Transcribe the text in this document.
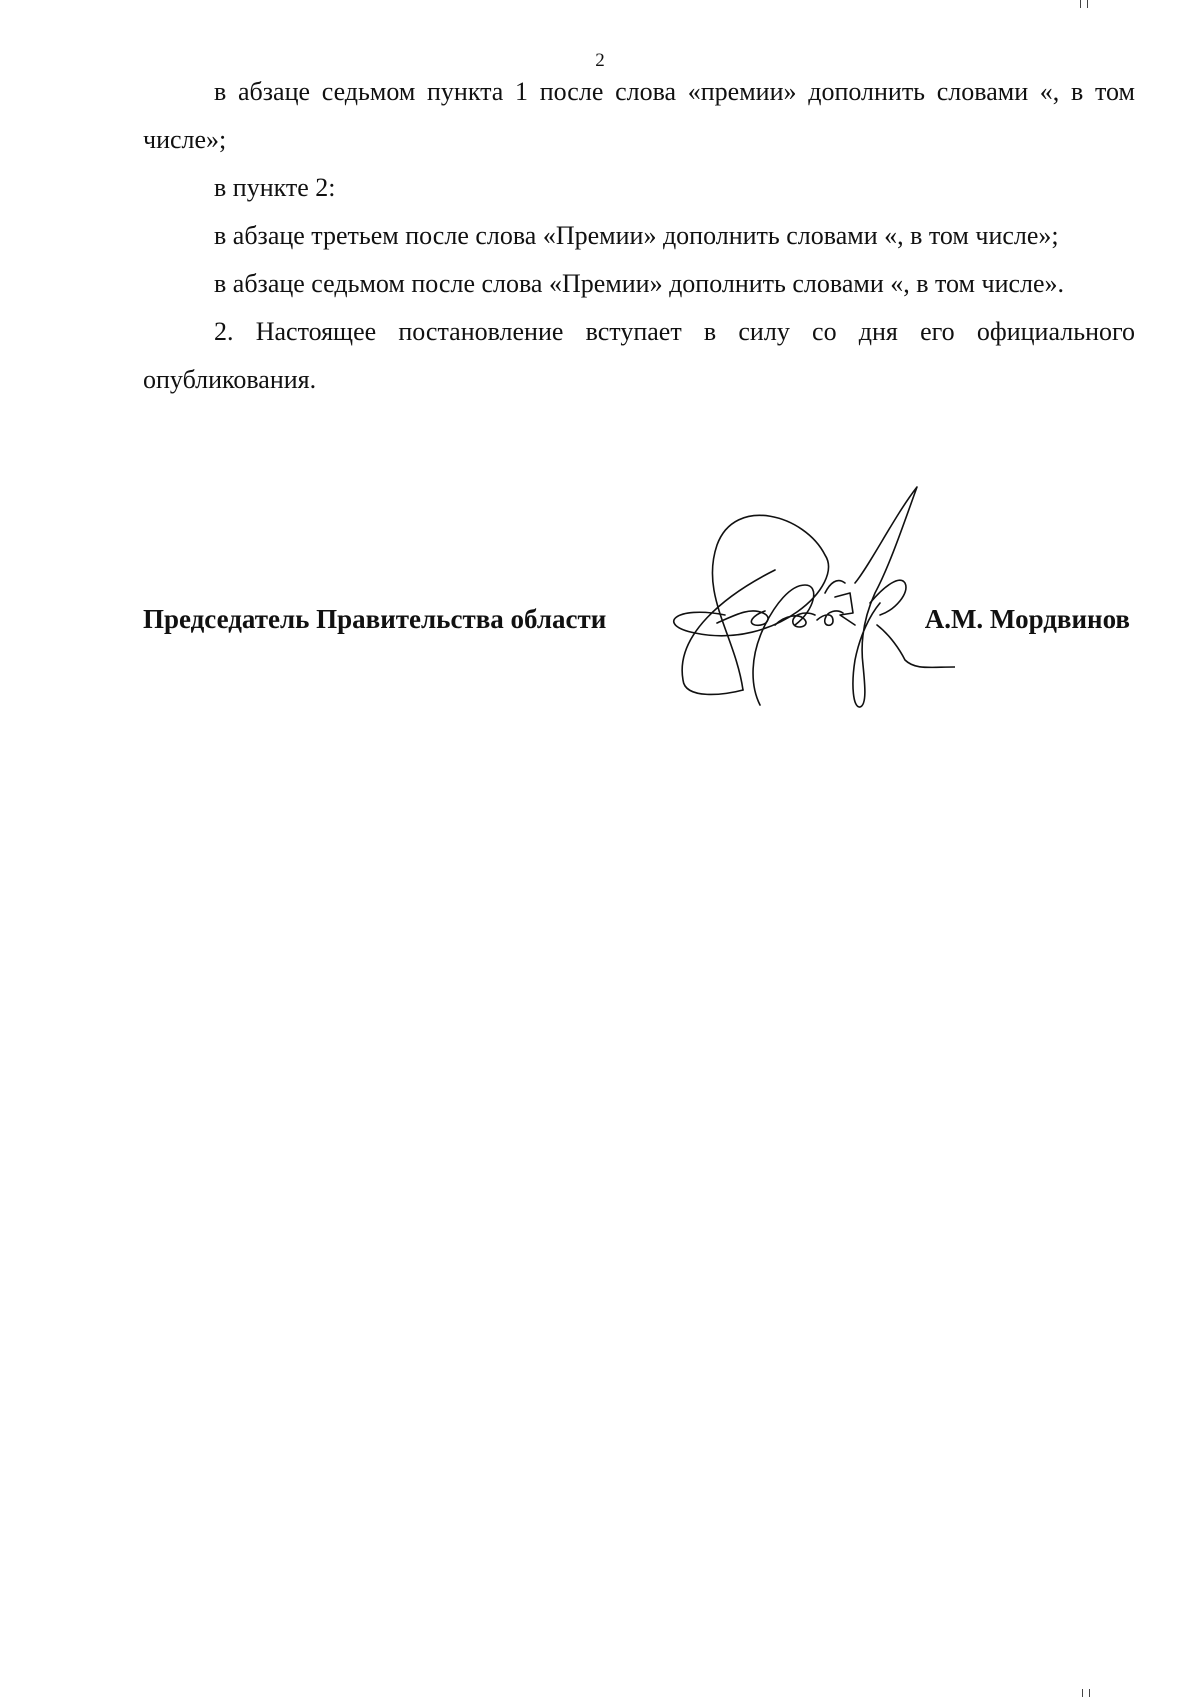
2

в абзаце седьмом пункта 1 после слова «премии» дополнить словами «, в том числе»;

в пункте 2:

в абзаце третьем после слова «Премии» дополнить словами «, в том числе»;

в абзаце седьмом после слова «Премии» дополнить словами «, в том числе».

2. Настоящее постановление вступает в силу со дня его официального опубликования.

Председатель Правительства области	А.М. Мордвинов
